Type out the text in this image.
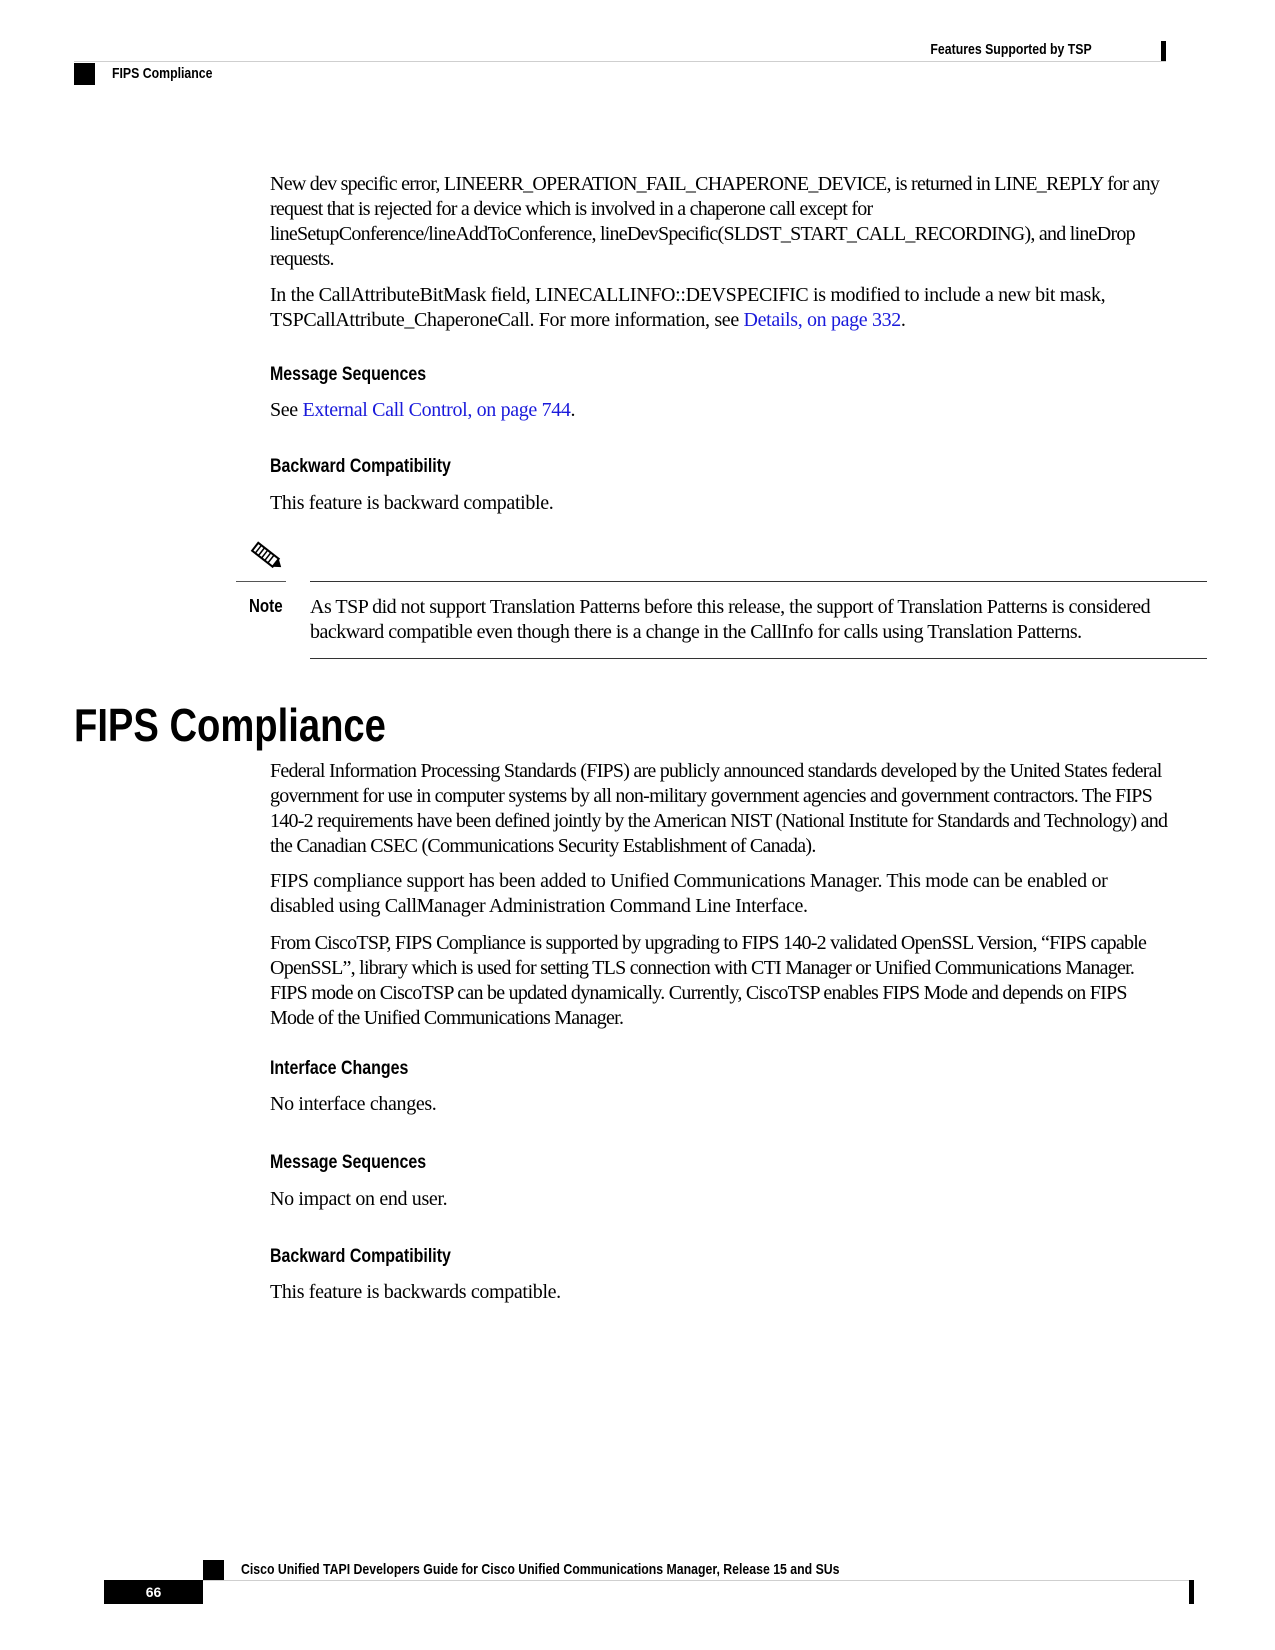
Features Supported by TSP
FIPS Compliance

New dev specific error, LINEERR_OPERATION_FAIL_CHAPERONE_DEVICE, is returned in LINE_REPLY for any request that is rejected for a device which is involved in a chaperone call except for lineSetupConference/lineAddToConference, lineDevSpecific(SLDST_START_CALL_RECORDING), and lineDrop requests.

In the CallAttributeBitMask field, LINECALLINFO::DEVSPECIFIC is modified to include a new bit mask, TSPCallAttribute_ChaperoneCall. For more information, see Details, on page 332.

Message Sequences

See External Call Control, on page 744.

Backward Compatibility

This feature is backward compatible.

Note As TSP did not support Translation Patterns before this release, the support of Translation Patterns is considered backward compatible even though there is a change in the CallInfo for calls using Translation Patterns.

FIPS Compliance

Federal Information Processing Standards (FIPS) are publicly announced standards developed by the United States federal government for use in computer systems by all non-military government agencies and government contractors. The FIPS 140-2 requirements have been defined jointly by the American NIST (National Institute for Standards and Technology) and the Canadian CSEC (Communications Security Establishment of Canada).

FIPS compliance support has been added to Unified Communications Manager. This mode can be enabled or disabled using CallManager Administration Command Line Interface.

From CiscoTSP, FIPS Compliance is supported by upgrading to FIPS 140-2 validated OpenSSL Version, “FIPS capable OpenSSL”, library which is used for setting TLS connection with CTI Manager or Unified Communications Manager. FIPS mode on CiscoTSP can be updated dynamically. Currently, CiscoTSP enables FIPS Mode and depends on FIPS Mode of the Unified Communications Manager.

Interface Changes

No interface changes.

Message Sequences

No impact on end user.

Backward Compatibility

This feature is backwards compatible.

Cisco Unified TAPI Developers Guide for Cisco Unified Communications Manager, Release 15 and SUs
66
